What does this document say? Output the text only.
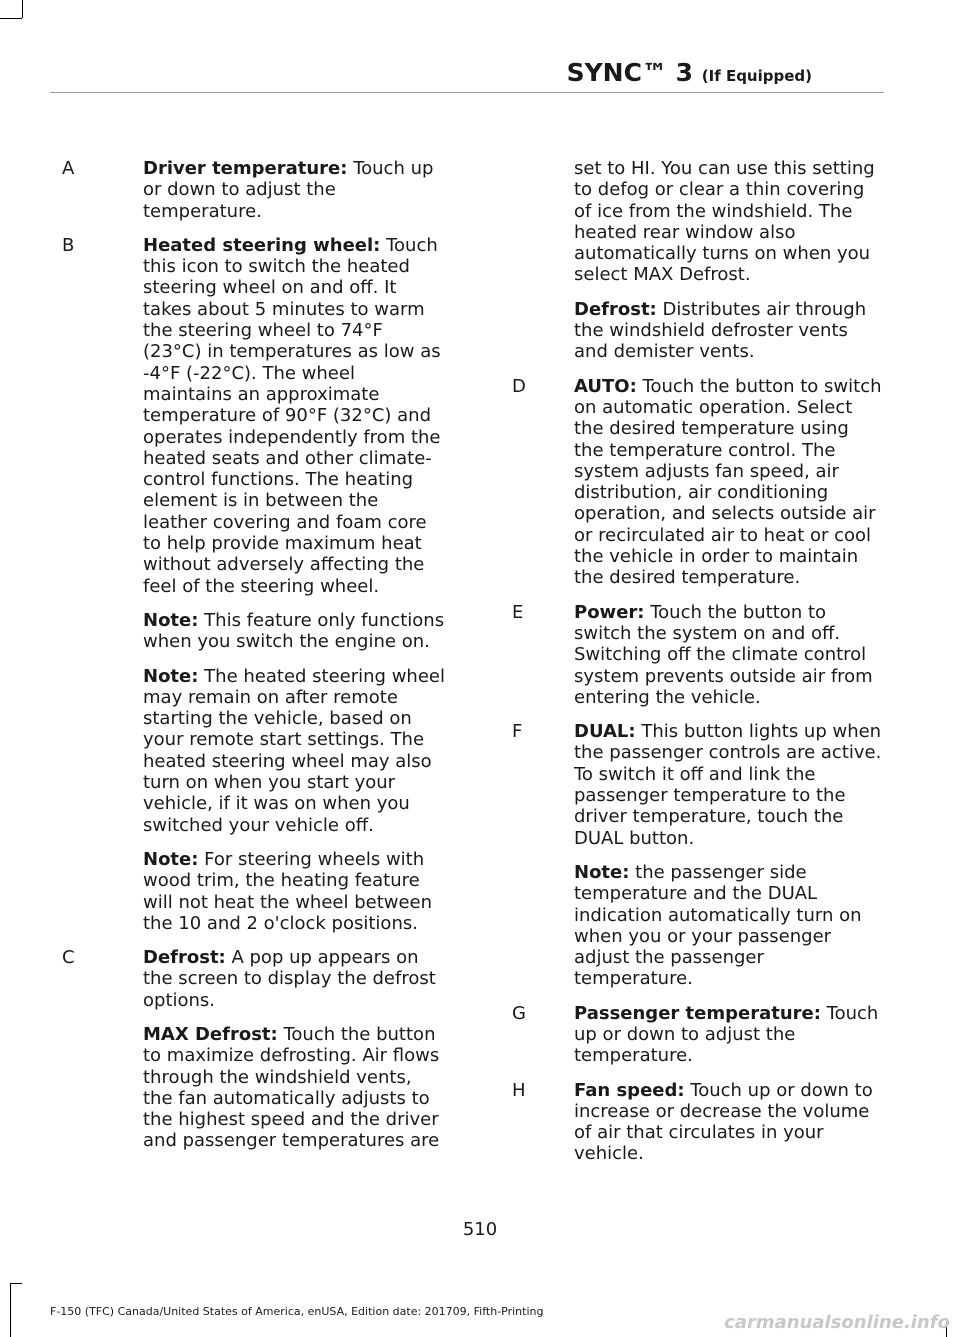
SYNC™ 3 (If Equipped)
A	Driver temperature: Touch up or down to adjust the temperature.

B	Heated steering wheel: Touch this icon to switch the heated steering wheel on and off. It takes about 5 minutes to warm the steering wheel to 74°F (23°C) in temperatures as low as -4°F (-22°C). The wheel maintains an approximate temperature of 90°F (32°C) and operates independently from the heated seats and other climate-control functions. The heating element is in between the leather covering and foam core to help provide maximum heat without adversely affecting the feel of the steering wheel.

Note: This feature only functions when you switch the engine on.

Note: The heated steering wheel may remain on after remote starting the vehicle, based on your remote start settings. The heated steering wheel may also turn on when you start your vehicle, if it was on when you switched your vehicle off.

Note: For steering wheels with wood trim, the heating feature will not heat the wheel between the 10 and 2 o'clock positions.

C	Defrost: A pop up appears on the screen to display the defrost options.

MAX Defrost: Touch the button to maximize defrosting. Air flows through the windshield vents, the fan automatically adjusts to the highest speed and the driver and passenger temperatures are

set to HI. You can use this setting to defog or clear a thin covering of ice from the windshield. The heated rear window also automatically turns on when you select MAX Defrost.

Defrost: Distributes air through the windshield defroster vents and demister vents.

D	AUTO: Touch the button to switch on automatic operation. Select the desired temperature using the temperature control. The system adjusts fan speed, air distribution, air conditioning operation, and selects outside air or recirculated air to heat or cool the vehicle in order to maintain the desired temperature.

E	Power: Touch the button to switch the system on and off. Switching off the climate control system prevents outside air from entering the vehicle.

F	DUAL: This button lights up when the passenger controls are active. To switch it off and link the passenger temperature to the driver temperature, touch the DUAL button.

Note: the passenger side temperature and the DUAL indication automatically turn on when you or your passenger adjust the passenger temperature.

G	Passenger temperature: Touch up or down to adjust the temperature.

H	Fan speed: Touch up or down to increase or decrease the volume of air that circulates in your vehicle.

510
F-150 (TFC) Canada/United States of America, enUSA, Edition date: 201709, Fifth-Printing
carmanualsonline.info
